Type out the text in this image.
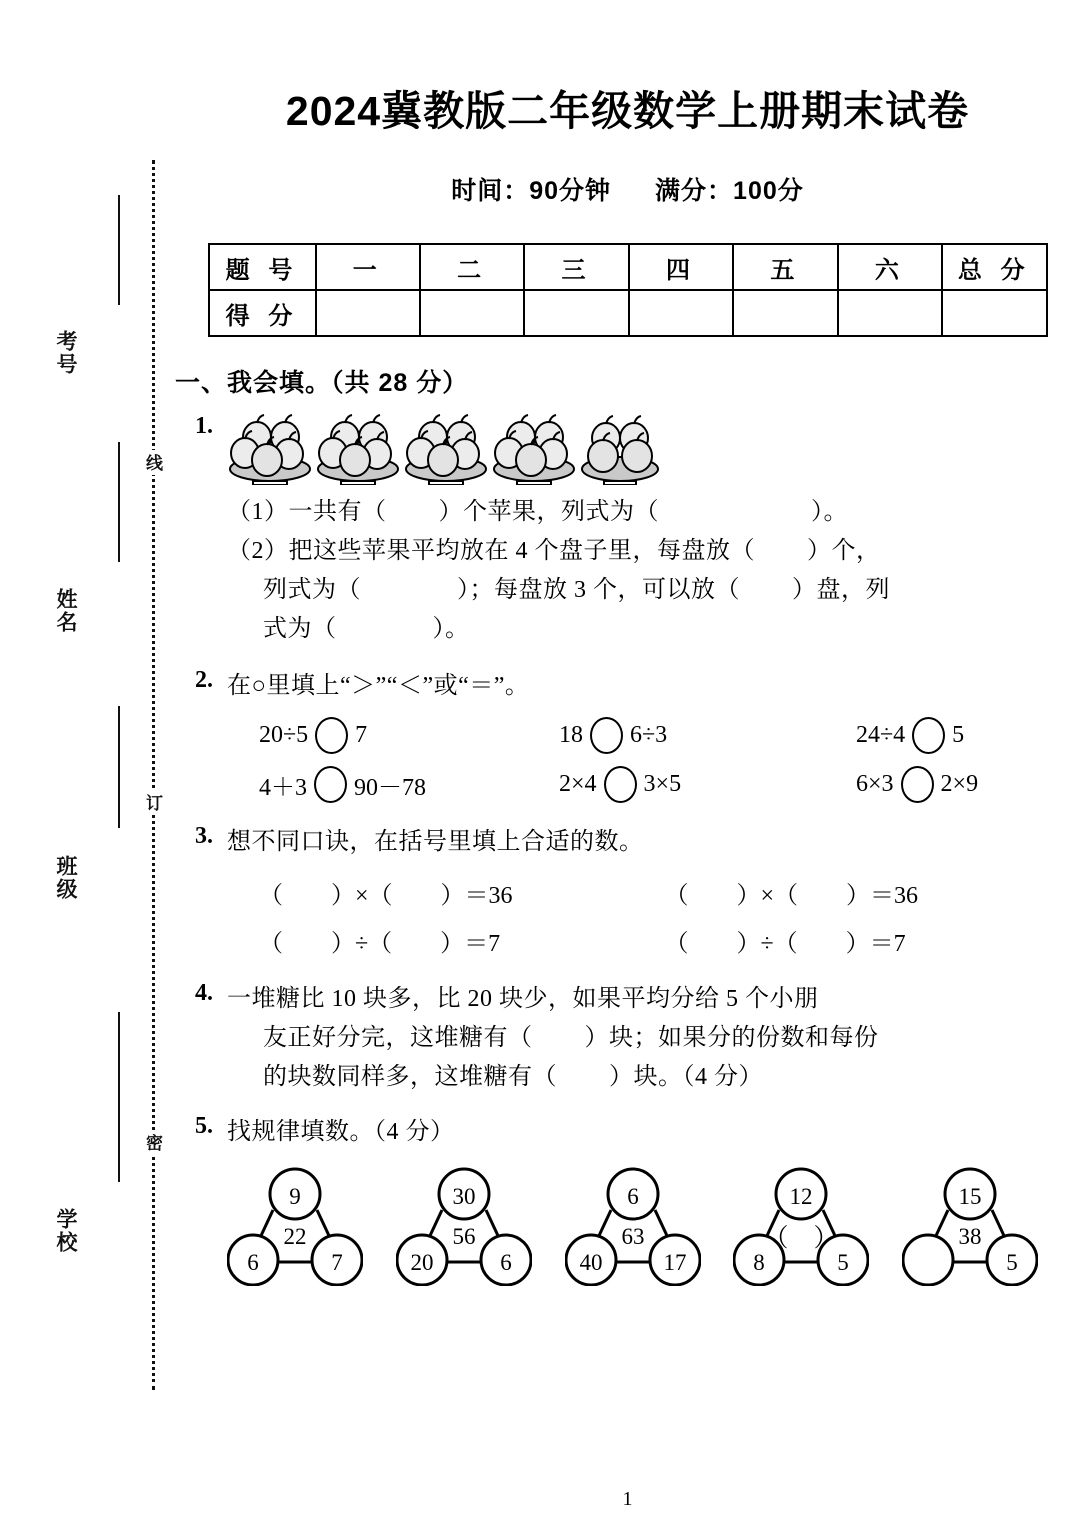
考号
姓名
班级
学校
线
订
密
2024冀教版二年级数学上册期末试卷
时间：90分钟 满分：100分
题 号	一	二	三	四	五	六	总 分
得 分							
一、我会填。（共 28 分）
1.
（1）一共有（ ）个苹果，列式为（	）。
（2）把这些苹果平均放在 4 个盘子里，每盘放（ ）个，
列式为（	）；每盘放 3 个，可以放（ ）盘，列
式为（	）。
2. 在○里填上“＞”“＜”或“＝”。
20÷5 7	18 6÷3	24÷4 5
4＋3 90－78	2×4 3×5	6×3 2×9
3. 想不同口诀，在括号里填上合适的数。
（　　）×（　　）＝36	（　　）×（　　）＝36
（　　）÷（　　）＝7	（　　）÷（　　）＝7
4. 一堆糖比 10 块多，比 20 块少，如果平均分给 5 个小朋
友正好分完，这堆糖有（ ）块；如果分的份数和每份
的块数同样多，这堆糖有（ ）块。（4 分）
5. 找规律填数。（4 分）
9
22
6	7
30
56
20	6
6
63
40	17
12
（　）
8	5
15
38
5
1
